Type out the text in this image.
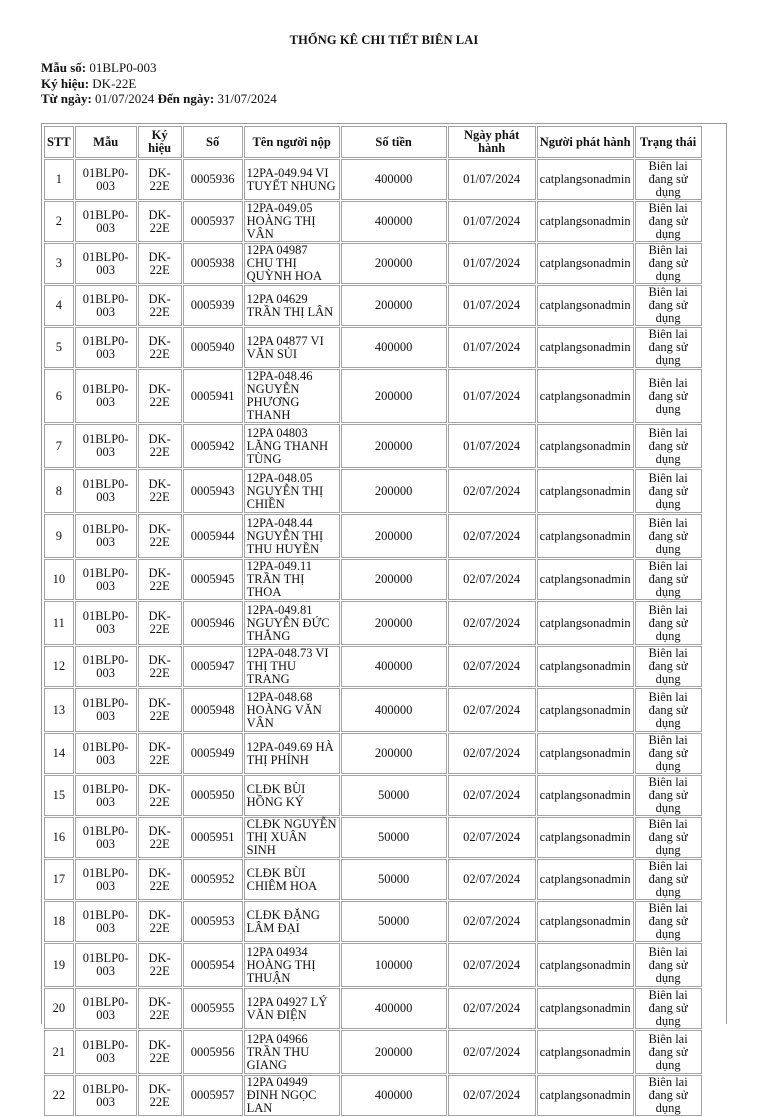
THỐNG KÊ CHI TIẾT BIÊN LAI
Mẫu số: 01BLP0-003
Ký hiệu: DK-22E
Từ ngày: 01/07/2024 Đến ngày: 31/07/2024
STT	Mẫu	Ký hiệu	Số	Tên người nộp	Số tiền	Ngày phát hành	Người phát hành	Trạng thái
1	01BLP0-003	DK-22E	0005936	12PA-049.94 VI TUYẾT NHUNG	400000	01/07/2024	catplangsonadmin	Biên lai đang sử dụng
2	01BLP0-003	DK-22E	0005937	12PA-049.05 HOÀNG THỊ VÂN	400000	01/07/2024	catplangsonadmin	Biên lai đang sử dụng
3	01BLP0-003	DK-22E	0005938	12PA 04987 CHU THỊ QUỲNH HOA	200000	01/07/2024	catplangsonadmin	Biên lai đang sử dụng
4	01BLP0-003	DK-22E	0005939	12PA 04629 TRẦN THỊ LÂN	200000	01/07/2024	catplangsonadmin	Biên lai đang sử dụng
5	01BLP0-003	DK-22E	0005940	12PA 04877 VI VĂN SỦI	400000	01/07/2024	catplangsonadmin	Biên lai đang sử dụng
6	01BLP0-003	DK-22E	0005941	12PA-048.46 NGUYỄN PHƯƠNG THANH	200000	01/07/2024	catplangsonadmin	Biên lai đang sử dụng
7	01BLP0-003	DK-22E	0005942	12PA 04803 LĂNG THANH TÙNG	200000	01/07/2024	catplangsonadmin	Biên lai đang sử dụng
8	01BLP0-003	DK-22E	0005943	12PA-048.05 NGUYỄN THỊ CHIỀN	200000	02/07/2024	catplangsonadmin	Biên lai đang sử dụng
9	01BLP0-003	DK-22E	0005944	12PA-048.44 NGUYỄN THỊ THU HUYỀN	200000	02/07/2024	catplangsonadmin	Biên lai đang sử dụng
10	01BLP0-003	DK-22E	0005945	12PA-049.11 TRẦN THỊ THOA	200000	02/07/2024	catplangsonadmin	Biên lai đang sử dụng
11	01BLP0-003	DK-22E	0005946	12PA-049.81 NGUYỄN ĐỨC THẮNG	200000	02/07/2024	catplangsonadmin	Biên lai đang sử dụng
12	01BLP0-003	DK-22E	0005947	12PA-048.73 VI THỊ THU TRANG	400000	02/07/2024	catplangsonadmin	Biên lai đang sử dụng
13	01BLP0-003	DK-22E	0005948	12PA-048.68 HOÀNG VĂN VÂN	400000	02/07/2024	catplangsonadmin	Biên lai đang sử dụng
14	01BLP0-003	DK-22E	0005949	12PA-049.69 HÀ THỊ PHỈNH	200000	02/07/2024	catplangsonadmin	Biên lai đang sử dụng
15	01BLP0-003	DK-22E	0005950	CLĐK BÙI HỒNG KÝ	50000	02/07/2024	catplangsonadmin	Biên lai đang sử dụng
16	01BLP0-003	DK-22E	0005951	CLĐK NGUYỄN THỊ XUÂN SINH	50000	02/07/2024	catplangsonadmin	Biên lai đang sử dụng
17	01BLP0-003	DK-22E	0005952	CLĐK BÙI CHIÊM HOA	50000	02/07/2024	catplangsonadmin	Biên lai đang sử dụng
18	01BLP0-003	DK-22E	0005953	CLĐK ĐẶNG LÂM ĐẠI	50000	02/07/2024	catplangsonadmin	Biên lai đang sử dụng
19	01BLP0-003	DK-22E	0005954	12PA 04934 HOÀNG THỊ THUẬN	100000	02/07/2024	catplangsonadmin	Biên lai đang sử dụng
20	01BLP0-003	DK-22E	0005955	12PA 04927 LÝ VĂN ĐIỆN	400000	02/07/2024	catplangsonadmin	Biên lai đang sử dụng
21	01BLP0-003	DK-22E	0005956	12PA 04966 TRẦN THU GIANG	200000	02/07/2024	catplangsonadmin	Biên lai đang sử dụng
22	01BLP0-003	DK-22E	0005957	12PA 04949 ĐINH NGỌC LAN	400000	02/07/2024	catplangsonadmin	Biên lai đang sử dụng
